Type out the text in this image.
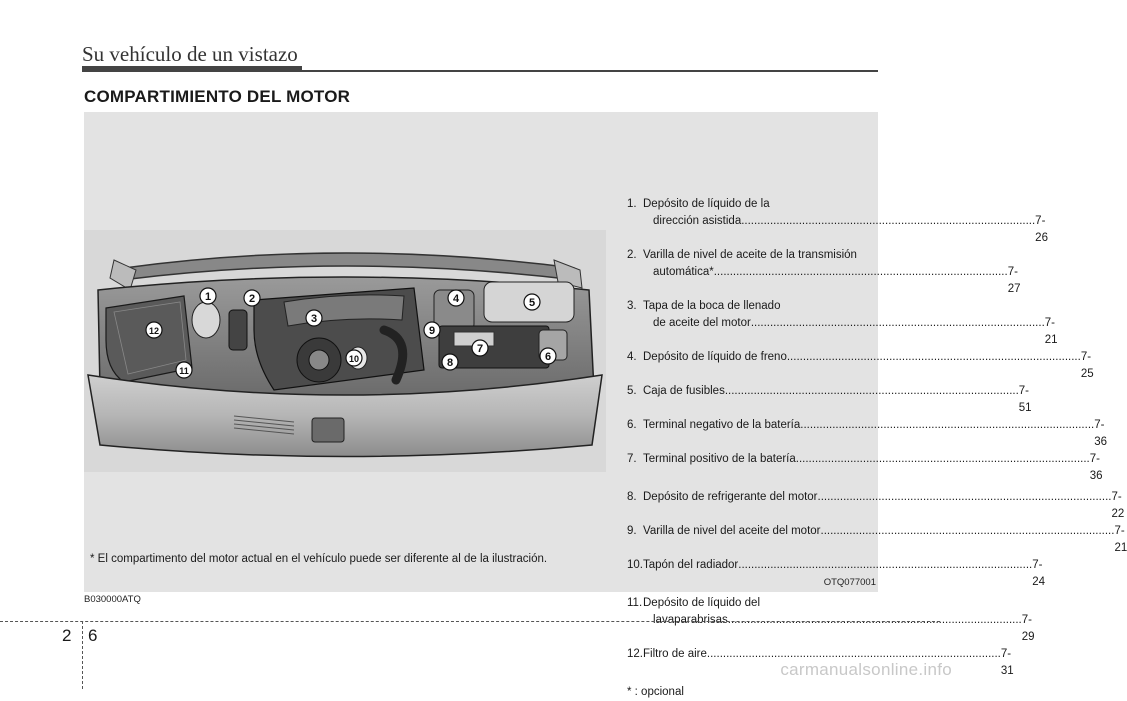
Su vehículo de un vistazo
COMPARTIMIENTO DEL MOTOR
1	2
3
4	5
6
7
8
9
10
11
12
1. Depósito de líquido de la
dirección asistida .....	7-26
2. Varilla de nivel de aceite de la transmisión
automática* .....	7-27
3. Tapa de la boca de llenado
de aceite del motor .....	7-21
4. Depósito de líquido de freno .....	7-25
5. Caja de fusibles .....	7-51
6. Terminal negativo de la batería .....	7-36
7. Terminal positivo de la batería .....	7-36
8. Depósito de refrigerante del motor .....	7-22
9. Varilla de nivel del aceite del motor .....	7-21
10. Tapón del radiador .....	7-24
11. Depósito de líquido del
lavaparabrisas .....	7-29
12. Filtro de aire .....	7-31
* : opcional
* El compartimento del motor actual en el vehículo puede ser diferente al de la ilustración.
OTQ077001
B030000ATQ
2 6
carmanualsonline.info
